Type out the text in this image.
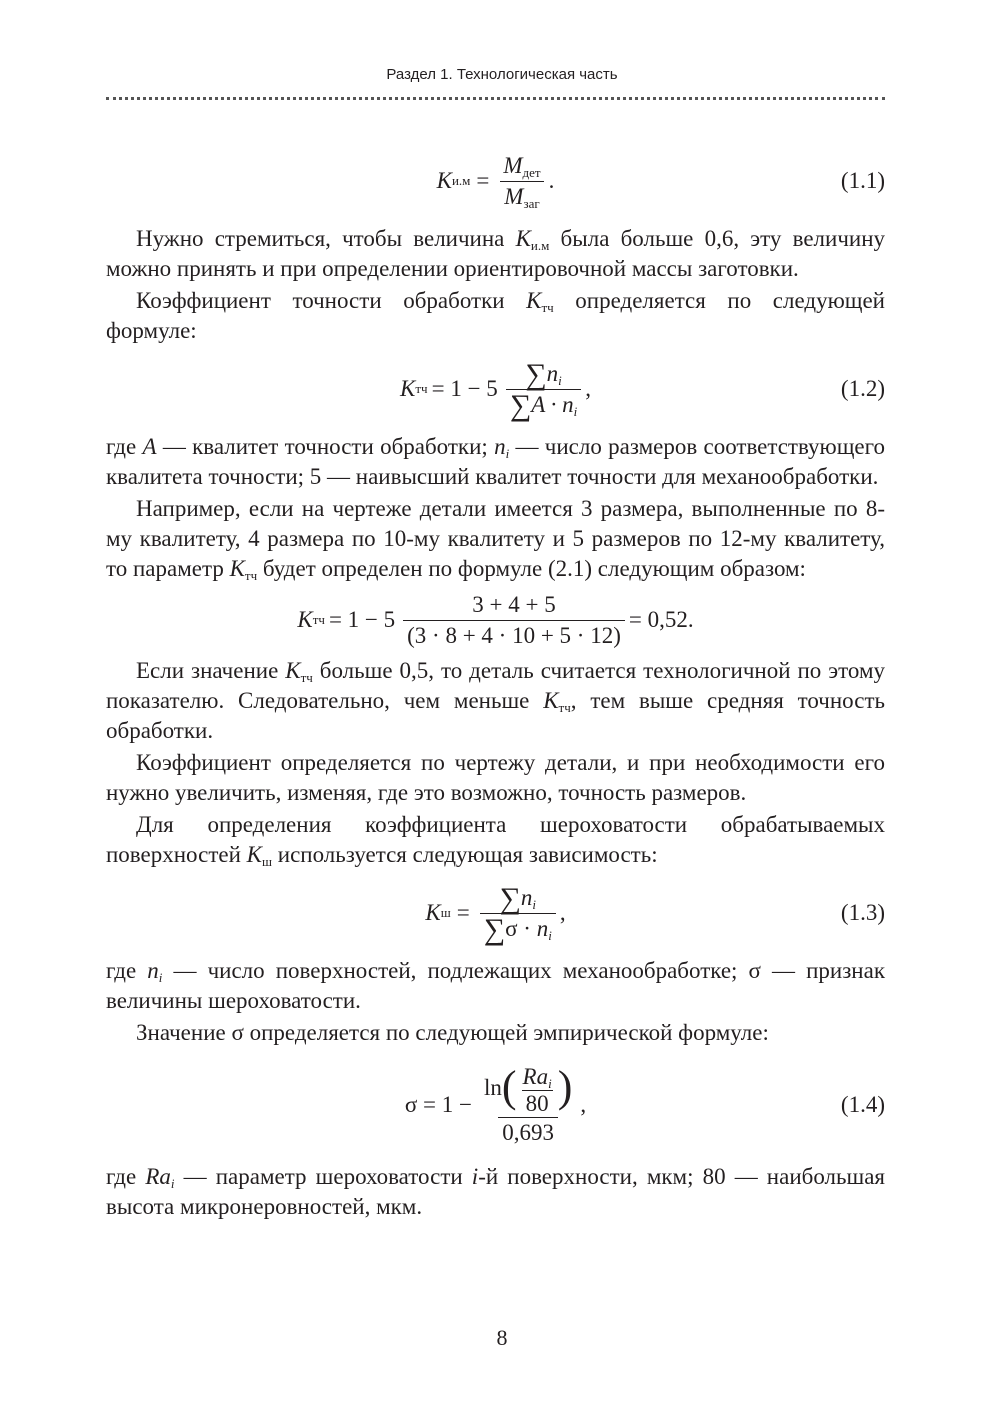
Раздел 1. Технологическая часть
K $и.м = \frac{M_{дет}}{M_{заг}}$ .	(1.1)

Нужно стремиться, чтобы величина $K_{и.м}$ была больше 0,6, эту величину можно принять и при определении ориентировочной массы заготовки.

Коэффициент точности обработки $K_{тч}$ определяется по следующей формуле:

K тч = $1 - 5 \frac{\sum n_i}{\sum A \cdot n_i}$ ,	(1.2)

где A — квалитет точности обработки; $n_i$ — число размеров соответствующего квалитета точности; 5 — наивысший квалитет точности для механообработки.

Например, если на чертеже детали имеется 3 размера, выполненные по 8-му квалитету, 4 размера по 10-му квалитету и 5 размеров по 12-му квалитету, то параметр $K_{тч}$ будет определен по формуле (2.1) следующим образом:

K тч = $1 - 5 \frac{3 + 4 + 5}{(3 \cdot 8 + 4 \cdot 10 + 5 \cdot 12)} = 0,52$.

Если значение $K_{тч}$ больше 0,5, то деталь считается технологичной по этому показателю. Следовательно, чем меньше $K_{тч}$, тем выше средняя точность обработки.

Коэффициент определяется по чертежу детали, и при необходимости его нужно увеличить, изменяя, где это возможно, точность размеров.

Для определения коэффициента шероховатости обрабатываемых поверхностей $K_ш$ используется следующая зависимость:

K $ш = \frac{\sum n_i}{\sum\sigma \cdot n_i}$ ,	(1.3)

где $n_i$ — число поверхностей, подлежащих механообработке; σ — признак величины шероховатости.

Значение σ определяется по следующей эмпирической формуле:

$\sigma = 1 - \frac{\ln( \frac{Ra_i}{80} )}{0,693}$ ,	(1.4)

где $Ra_i$ — параметр шероховатости i-й поверхности, мкм; 80 — наибольшая высота микронеровностей, мкм.

8
